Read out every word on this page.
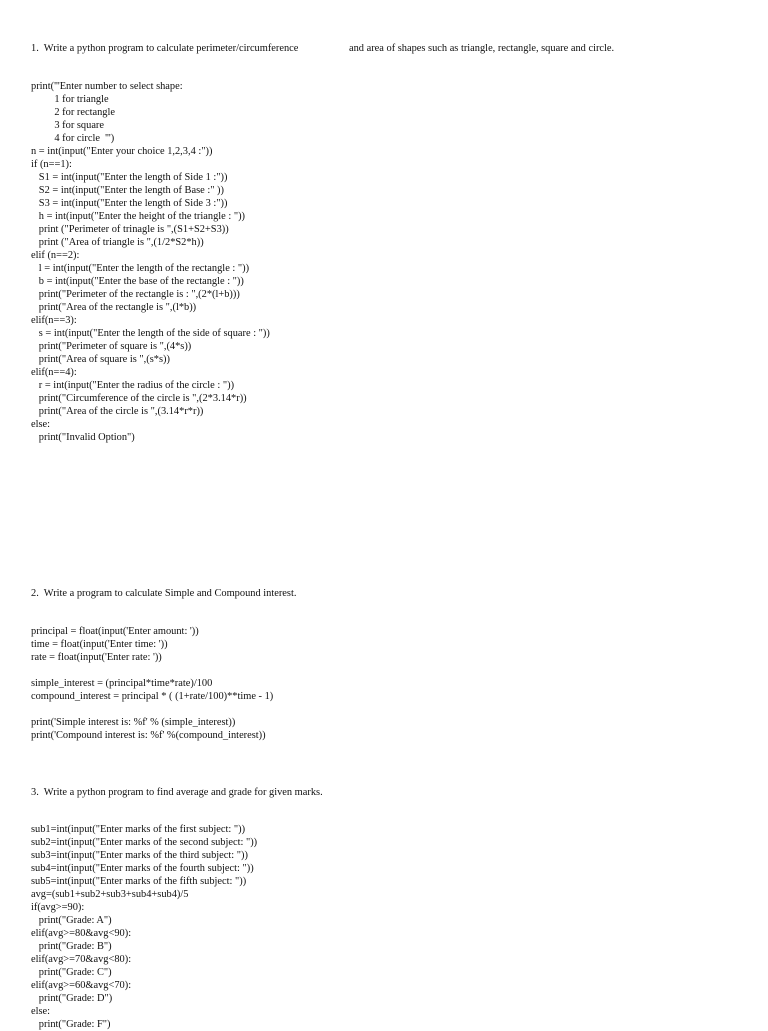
1.  Write a python program to calculate perimeter/circumference	and area of shapes such as triangle, rectangle, square and circle.
print('''Enter number to select shape:
1 for triangle
2 for rectangle
3 for square
4 for circle  ''')
n = int(input("Enter your choice 1,2,3,4 :"))
if (n==1):
S1 = int(input("Enter the length of Side 1 :"))
S2 = int(input("Enter the length of Base :" ))
S3 = int(input("Enter the length of Side 3 :"))
h = int(input("Enter the height of the triangle : "))
print ("Perimeter of trinagle is ",(S1+S2+S3))
print ("Area of triangle is ",(1/2*S2*h))
elif (n==2):
l = int(input("Enter the length of the rectangle : "))
b = int(input("Enter the base of the rectangle : "))
print("Perimeter of the rectangle is : ",(2*(l+b)))
print("Area of the rectangle is ",(l*b))
elif(n==3):
s = int(input("Enter the length of the side of square : "))
print("Perimeter of square is ",(4*s))
print("Area of square is ",(s*s))
elif(n==4):
r = int(input("Enter the radius of the circle : "))
print("Circumference of the circle is ",(2*3.14*r))
print("Area of the circle is ",(3.14*r*r))
else:
print("Invalid Option")
2.  Write a program to calculate Simple and Compound interest.
principal = float(input('Enter amount: '))
time = float(input('Enter time: '))
rate = float(input('Enter rate: '))

simple_interest = (principal*time*rate)/100
compound_interest = principal * ( (1+rate/100)**time - 1)

print('Simple interest is: %f' % (simple_interest))
print('Compound interest is: %f' %(compound_interest))
3.  Write a python program to find average and grade for given marks.
sub1=int(input("Enter marks of the first subject: "))
sub2=int(input("Enter marks of the second subject: "))
sub3=int(input("Enter marks of the third subject: "))
sub4=int(input("Enter marks of the fourth subject: "))
sub5=int(input("Enter marks of the fifth subject: "))
avg=(sub1+sub2+sub3+sub4+sub4)/5
if(avg>=90):
print("Grade: A")
elif(avg>=80&avg<90):
print("Grade: B")
elif(avg>=70&avg<80):
print("Grade: C")
elif(avg>=60&avg<70):
print("Grade: D")
else:
print("Grade: F")
